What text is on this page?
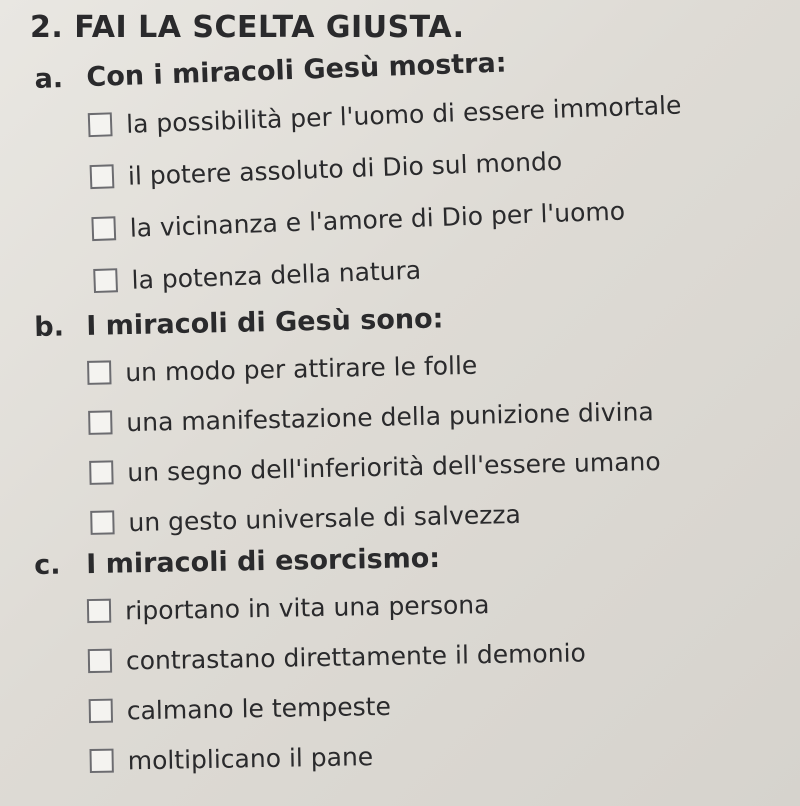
2. FAI LA SCELTA GIUSTA.
a. Con i miracoli Gesù mostra:
la possibilità per l'uomo di essere immortale
il potere assoluto di Dio sul mondo
la vicinanza e l'amore di Dio per l'uomo
la potenza della natura
b. I miracoli di Gesù sono:
un modo per attirare le folle
una manifestazione della punizione divina
un segno dell'inferiorità dell'essere umano
un gesto universale di salvezza
c. I miracoli di esorcismo:
riportano in vita una persona
contrastano direttamente il demonio
calmano le tempeste
moltiplicano il pane
